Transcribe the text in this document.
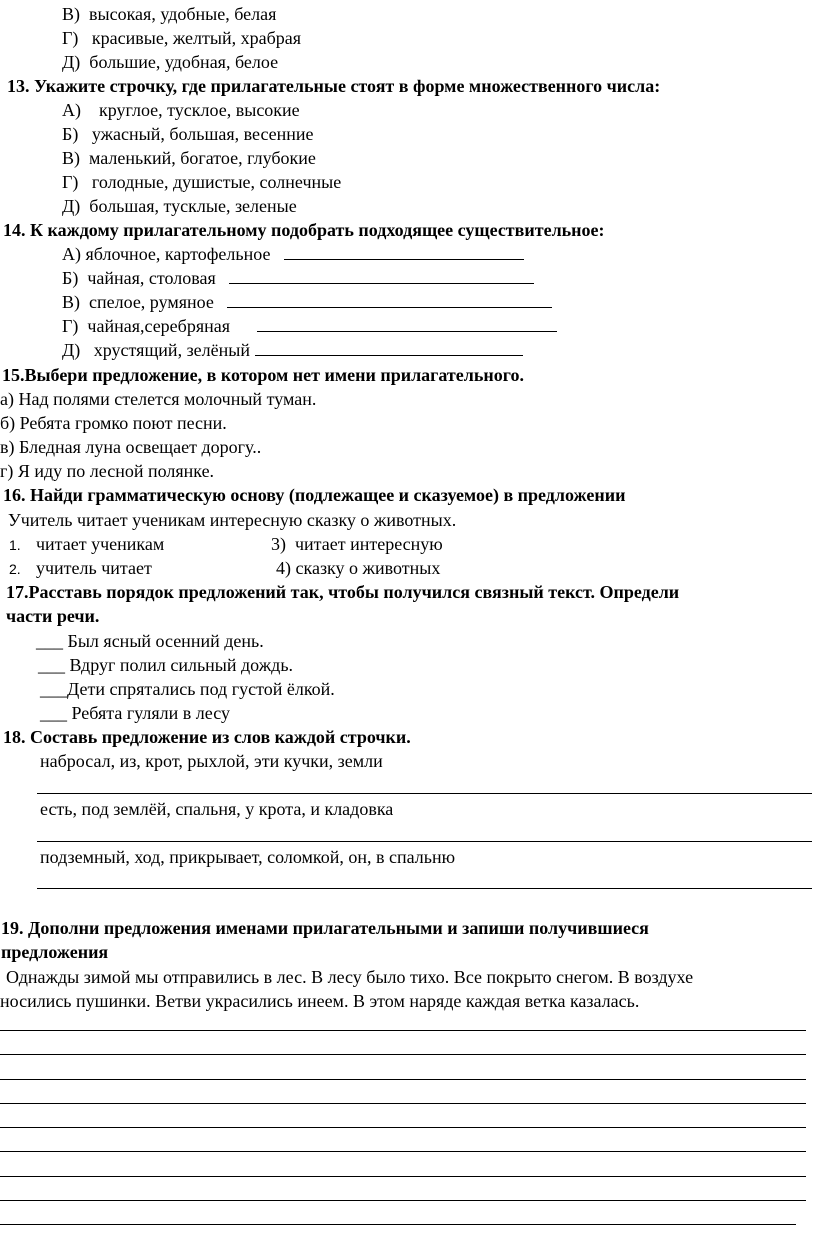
В) высокая, удобные, белая
Г) красивые, желтый, храбрая
Д) большие, удобная, белое
13. Укажите строчку, где прилагательные стоят в форме множественного числа:
А) круглое, тусклое, высокие
Б) ужасный, большая, весенние
В) маленький, богатое, глубокие
Г) голодные, душистые, солнечные
Д) большая, тусклые, зеленые
14. К каждому прилагательному подобрать подходящее существительное:
А) яблочное, картофельное
Б) чайная, столовая
В) спелое, румяное
Г) чайная,серебряная
Д) хрустящий, зелёный
15.Выбери предложение, в котором нет имени прилагательного.
а) Над полями стелется молочный туман.
б) Ребята громко поют песни.
в) Бледная луна освещает дорогу..
г) Я иду по лесной полянке.
16. Найди грамматическую основу (подлежащее и сказуемое) в предложении
Учитель читает ученикам интересную сказку о животных.
1. читает ученикам	3) читает интересную
2. учитель читает	4) сказку о животных
17.Расставь порядок предложений так, чтобы получился связный текст. Определи
части речи.
___ Был ясный осенний день.
___ Вдруг полил сильный дождь.
___Дети спрятались под густой ёлкой.
___ Ребята гуляли в лесу
18. Составь предложение из слов каждой строчки.
набросал, из, крот, рыхлой, эти кучки, земли
есть, под землёй, спальня, у крота, и кладовка
подземный, ход, прикрывает, соломкой, он, в спальню
19. Дополни предложения именами прилагательными и запиши получившиеся
предложения
Однажды зимой мы отправились в лес. В лесу было тихо. Все покрыто снегом. В воздухе
носились пушинки. Ветви украсились инеем. В этом наряде каждая ветка казалась.
